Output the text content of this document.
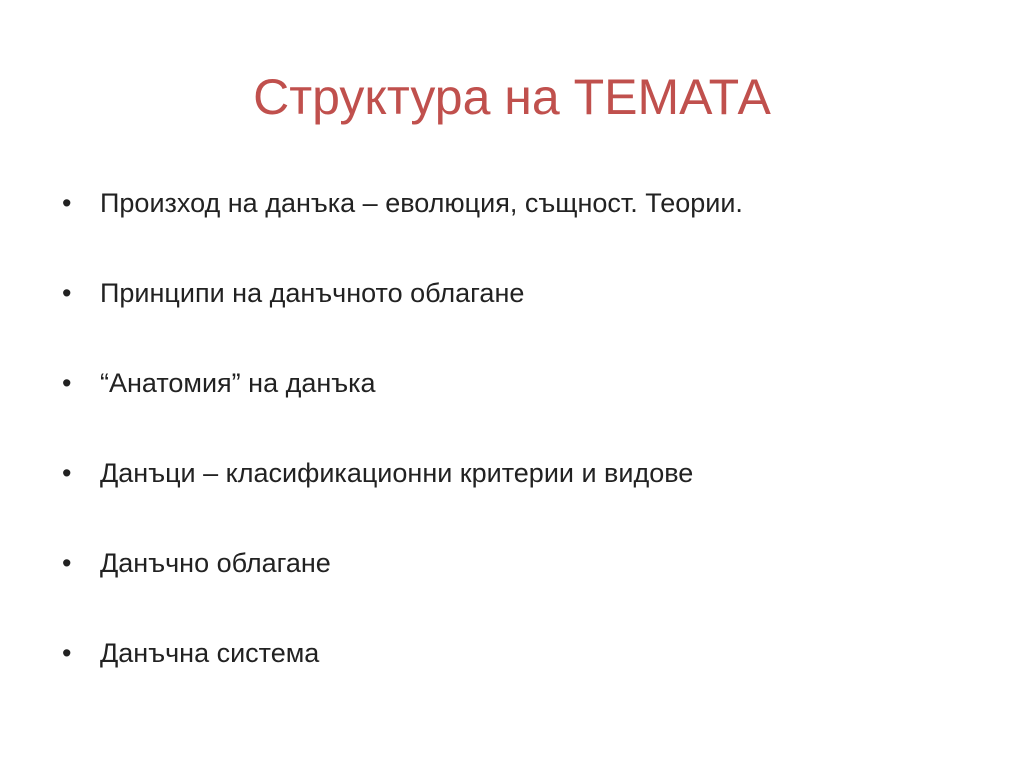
Структура на ТЕМАТА
•	Произход на данъка – еволюция, същност. Теории.
•	Принципи на данъчното облагане
•	“Анатомия” на данъка
•	Данъци – класификационни критерии и видове
•	Данъчно облагане
•	Данъчна система
